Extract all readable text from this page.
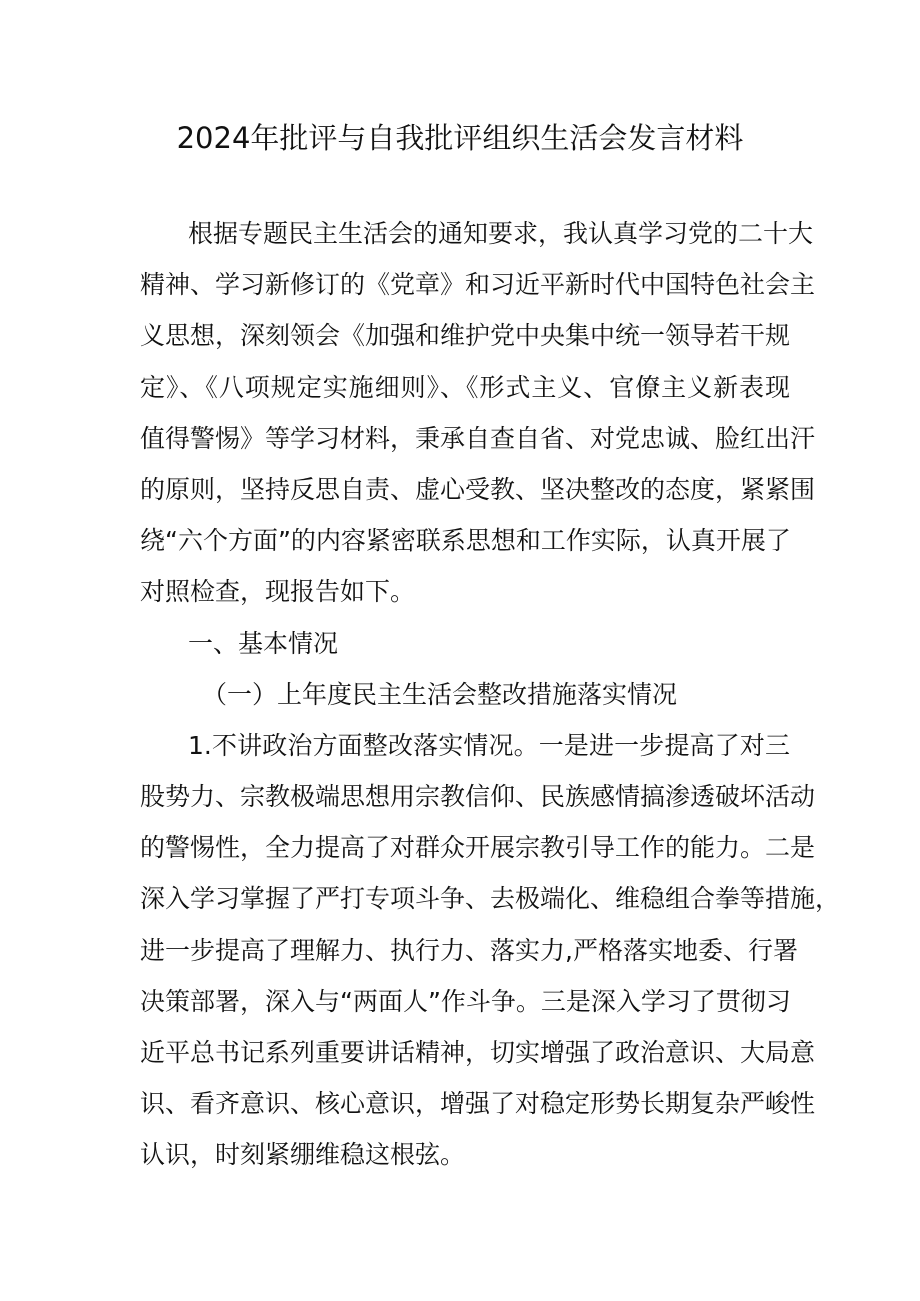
2024年批评与自我批评组织生活会发言材料
根据专题民主生活会的通知要求，我认真学习党的二十大
精神、学习新修订的《党章》和习近平新时代中国特色社会主
义思想，深刻领会《加强和维护党中央集中统一领导若干规
定》、《八项规定实施细则》、《形式主义、官僚主义新表现
值得警惕》等学习材料，秉承自查自省、对党忠诚、脸红出汗
的原则，坚持反思自责、虚心受教、坚决整改的态度，紧紧围
绕“六个方面”的内容紧密联系思想和工作实际，认真开展了
对照检查，现报告如下。
一、基本情况
（一）上年度民主生活会整改措施落实情况
1.不讲政治方面整改落实情况。一是进一步提高了对三
股势力、宗教极端思想用宗教信仰、民族感情搞渗透破坏活动
的警惕性，全力提高了对群众开展宗教引导工作的能力。二是
深入学习掌握了严打专项斗争、去极端化、维稳组合拳等措施，
进一步提高了理解力、执行力、落实力,严格落实地委、行署
决策部署，深入与“两面人”作斗争。三是深入学习了贯彻习
近平总书记系列重要讲话精神，切实增强了政治意识、大局意
识、看齐意识、核心意识，增强了对稳定形势长期复杂严峻性
认识，时刻紧绷维稳这根弦。
